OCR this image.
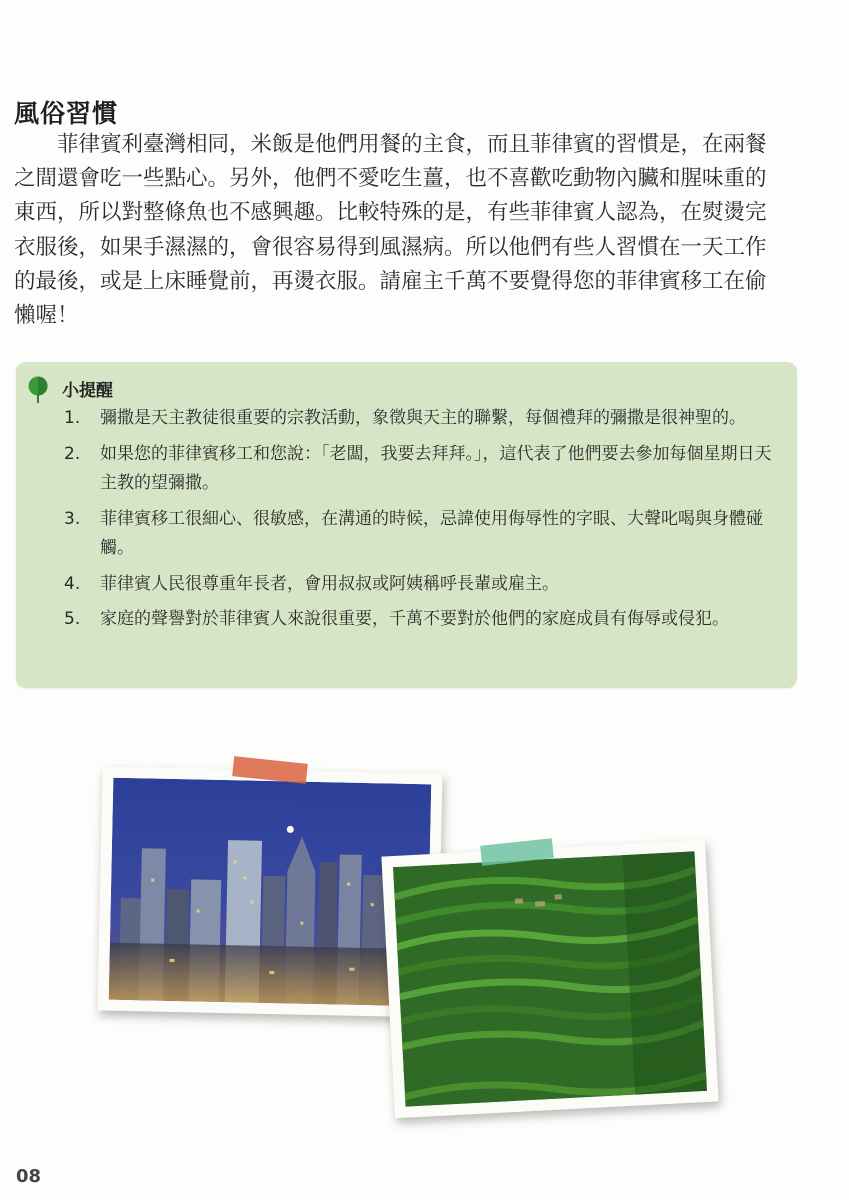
風俗習慣

菲律賓利臺灣相同，米飯是他們用餐的主食，而且菲律賓的習慣是，在兩餐之間還會吃一些點心。另外，他們不愛吃生薑，也不喜歡吃動物內臟和腥味重的東西，所以對整條魚也不感興趣。比較特殊的是，有些菲律賓人認為，在熨燙完衣服後，如果手濕濕的，會很容易得到風濕病。所以他們有些人習慣在一天工作的最後，或是上床睡覺前，再燙衣服。請雇主千萬不要覺得您的菲律賓移工在偷懶喔！

小提醒
1. 彌撒是天主教徒很重要的宗教活動，象徵與天主的聯繫，每個禮拜的彌撒是很神聖的。
2. 如果您的菲律賓移工和您說：「老闆，我要去拜拜。」，這代表了他們要去參加每個星期日天主教的望彌撒。
3. 菲律賓移工很細心、很敏感，在溝通的時候，忌諱使用侮辱性的字眼、大聲叱喝與身體碰觸。
4. 菲律賓人民很尊重年長者，會用叔叔或阿姨稱呼長輩或雇主。
5. 家庭的聲譽對於菲律賓人來說很重要，千萬不要對於他們的家庭成員有侮辱或侵犯。
08
